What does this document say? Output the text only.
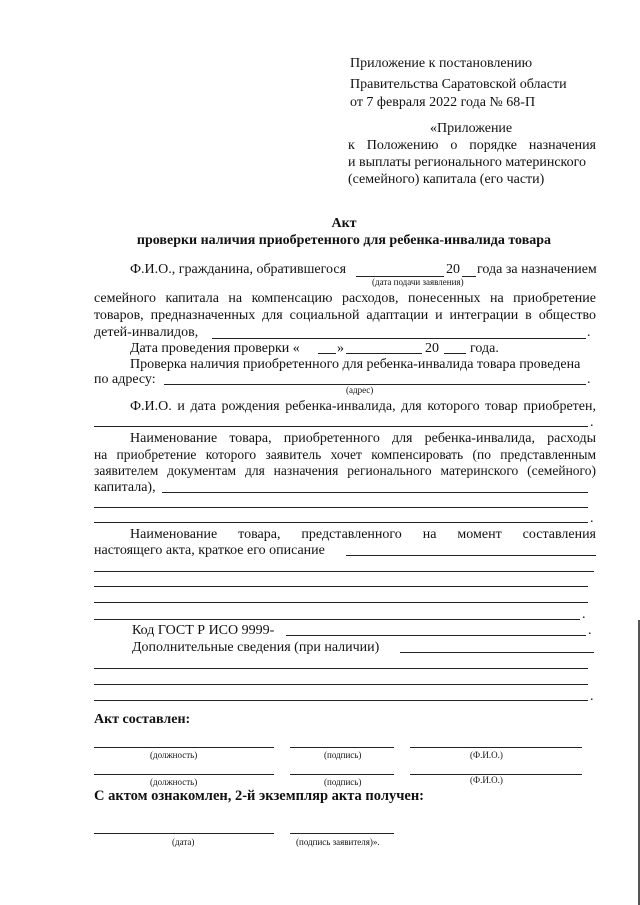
Приложение к постановлению
Правительства Саратовской области
от 7 февраля 2022 года № 68-П
«Приложение
к Положению о порядке назначения
и выплаты регионального материнского
(семейного) капитала (его части)
Акт
проверки наличия приобретенного для ребенка-инвалида товара
Ф.И.О., гражданина, обратившегося	20 года за назначением
(дата подачи заявления)
семейного капитала на компенсацию расходов, понесенных на приобретение
товаров, предназначенных для социальной адаптации и интеграции в общество
детей-инвалидов,	.
Дата проведения проверки «	»	20 года.
Проверка наличия приобретенного для ребенка-инвалида товара проведена
по адресу:	.
(адрес)
Ф.И.О. и дата рождения ребенка-инвалида, для которого товар приобретен,
.
Наименование товара, приобретенного для ребенка-инвалида, расходы
на приобретение которого заявитель хочет компенсировать (по представленным
заявителем документам для назначения регионального материнского (семейного)
капитала),
.
Наименование товара, представленного на момент составления
настоящего акта, краткое его описание
.
Код ГОСТ Р ИСО 9999-	.
Дополнительные сведения (при наличии)
.
Акт составлен:
(должность)	(подпись)	(Ф.И.О.)
(должность)	(подпись)	(Ф.И.О.)
С актом ознакомлен, 2-й экземпляр акта получен:
(дата)	(подпись заявителя)».
